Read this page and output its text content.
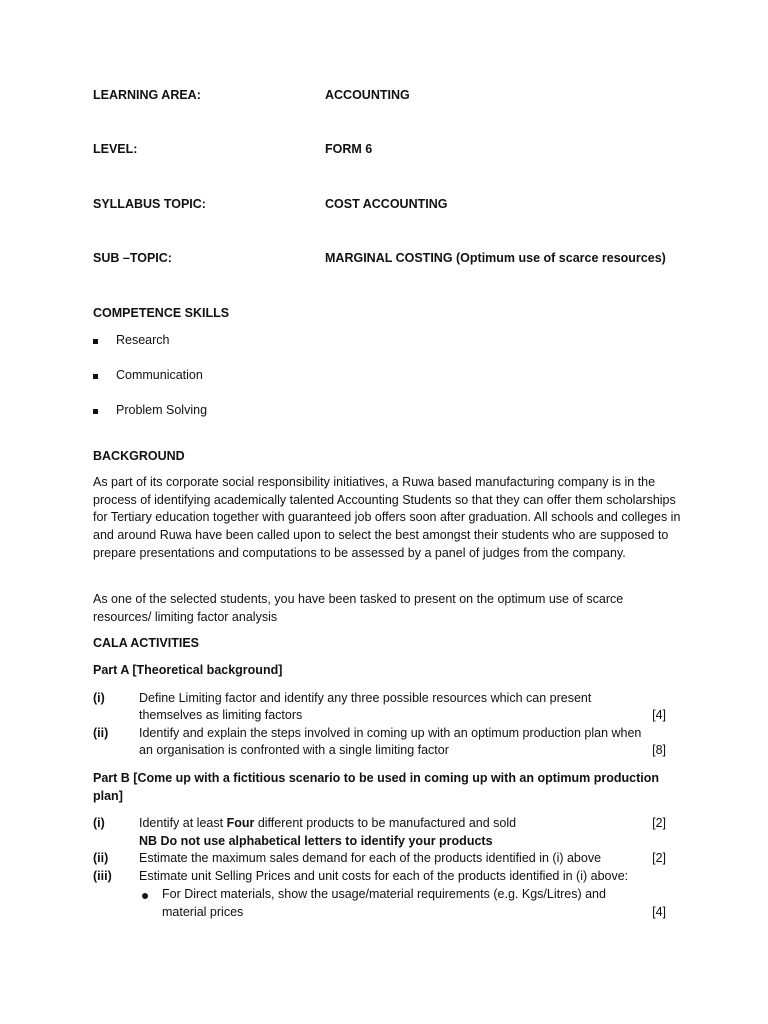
LEARNING AREA:	ACCOUNTING
LEVEL:	FORM 6
SYLLABUS TOPIC:	COST ACCOUNTING
SUB –TOPIC:	MARGINAL COSTING (Optimum use of scarce resources)
COMPETENCE SKILLS
Research
Communication
Problem Solving
BACKGROUND
As part of its corporate social responsibility initiatives, a Ruwa based manufacturing company is in the process of identifying academically talented Accounting Students so that they can offer them scholarships for Tertiary education together with guaranteed job offers soon after graduation. All schools and colleges in and around Ruwa have been called upon to select the best amongst their students who are supposed to prepare presentations and computations to be assessed by a panel of judges from the company.
As one of the selected students, you have been tasked to present on the optimum use of scarce resources/ limiting factor analysis
CALA ACTIVITIES
Part A [Theoretical background]
(i)	Define Limiting factor and identify any three possible resources which can present
themselves as limiting factors	[4]
(ii) Identify and explain the steps involved in coming up with an optimum production plan when
an organisation is confronted with a single limiting factor	[8]
Part B [Come up with a fictitious scenario to be used in coming up with an optimum production
plan]
(i)	Identify at least Four different products to be manufactured and sold	[2]
NB Do not use alphabetical letters to identify your products
(ii) Estimate the maximum sales demand for each of the products identified in (i) above	[2]
(iii) Estimate unit Selling Prices and unit costs for each of the products identified in (i) above:
For Direct materials, show the usage/material requirements (e.g. Kgs/Litres) and
material prices	[4]
